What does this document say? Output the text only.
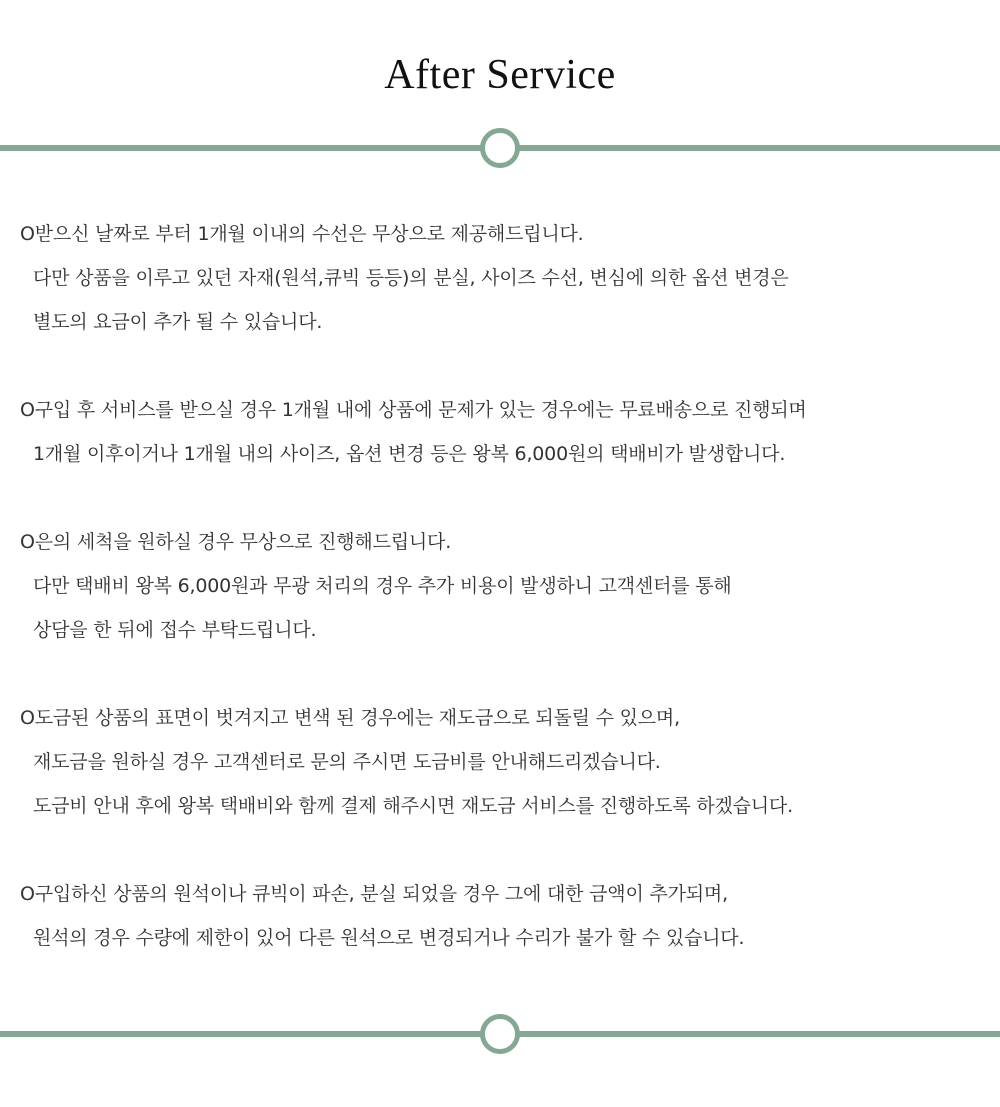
After Service
O받으신 날짜로 부터 1개월 이내의 수선은 무상으로 제공해드립니다.
다만 상품을 이루고 있던 자재(원석,큐빅 등등)의 분실, 사이즈 수선, 변심에 의한 옵션 변경은
별도의 요금이 추가 될 수 있습니다.
O구입 후 서비스를 받으실 경우 1개월 내에 상품에 문제가 있는 경우에는 무료배송으로 진행되며
1개월 이후이거나 1개월 내의 사이즈, 옵션 변경 등은 왕복 6,000원의 택배비가 발생합니다.
O은의 세척을 원하실 경우 무상으로 진행해드립니다.
다만 택배비 왕복 6,000원과 무광 처리의 경우 추가 비용이 발생하니 고객센터를 통해
상담을 한 뒤에 접수 부탁드립니다.
O도금된 상품의 표면이 벗겨지고 변색 된 경우에는 재도금으로 되돌릴 수 있으며,
재도금을 원하실 경우 고객센터로 문의 주시면 도금비를 안내해드리겠습니다.
도금비 안내 후에 왕복 택배비와 함께 결제 해주시면 재도금 서비스를 진행하도록 하겠습니다.
O구입하신 상품의 원석이나 큐빅이 파손, 분실 되었을 경우 그에 대한 금액이 추가되며,
원석의 경우 수량에 제한이 있어 다른 원석으로 변경되거나 수리가 불가 할 수 있습니다.
